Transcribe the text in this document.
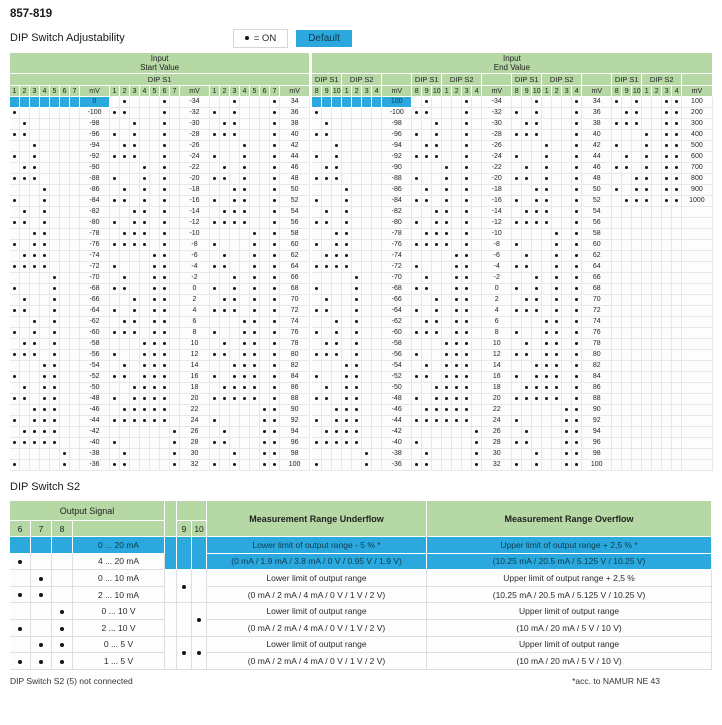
857-819
DIP Switch Adjustability	= ON	Default
Input
Start Value																									Input
End Value																															
DIP S1																									DIP S1			DIP S2					DIP S1			DIP S2					DIP S1			DIP S2					DIP S1			DIP S2				
1	2	3	4	5	6	7	mV	1	2	3	4	5	6	7	mV	1	2	3	4	5	6	7	mV		8	9	10	1	2	3	4	mV	8	9	10	1	2	3	4	mV	8	9	10	1	2	3	4	mV	8	9	10	1	2	3	4	mV
							0								-34								34									100								-34								34								100
							-100								-32								36									-100								-32								36								200
							-98								-30								38									-98								-30								38								300
							-96								-28								40									-96								-28								40								400
							-94								-26								42									-94								-26								42								500
							-92								-24								44									-92								-24								44								600
							-90								-22								46									-90								-22								46								700
							-88								-20								48									-88								-20								48								800
							-86								-18								50									-86								-18								50								900
							-84								-16								52									-84								-16								52								1000
							-82								-14								54									-82								-14								54								
							-80								-12								56									-80								-12								56								
							-78								-10								58									-78								-10								58								
							-76								-8								60									-76								-8								60								
							-74								-6								62									-74								-6								62								
							-72								-4								64									-72								-4								64								
							-70								-2								66									-70								-2								66								
							-68								0								68									-68								0								68								
							-66								2								70									-66								2								70								
							-64								4								72									-64								4								72								
							-62								6								74									-62								6								74								
							-60								8								76									-60								8								76								
							-58								10								78									-58								10								78								
							-56								12								80									-56								12								80								
							-54								14								82									-54								14								82								
							-52								16								84									-52								16								84								
							-50								18								86									-50								18								86								
							-48								20								88									-48								20								88								
							-46								22								90									-46								22								90								
							-44								24								92									-44								24								92								
							-42								26								94									-42								26								94								
							-40								28								96									-40								28								96								
							-38								30								98									-38								30								98								
							-36								32								100									-36								32								100								
DIP Switch S2
Output Signal							Measurement Range Underflow	Measurement Range Overflow
6	7	8			9	10		
			0 ... 20 mA				Lower limit of output range - 5 % *	Upper limit of output range + 2,5 % *
			4 ... 20 mA				(0 mA / 1.9 mA / 3.8 mA / 0 V / 0.95 V / 1.9 V)	(10.25 mA / 20.5 mA / 5.125 V / 10.25 V)
			0 ... 10 mA				Lower limit of output range	Upper limit of output range + 2,5 %
			2 ... 10 mA				(0 mA / 2 mA / 4 mA / 0 V / 1 V / 2 V)	(10.25 mA / 20.5 mA / 5.125 V / 10.25 V)
			0 ... 10 V				Lower limit of output range	Upper limit of output range
			2 ... 10 V				(0 mA / 2 mA / 4 mA / 0 V / 1 V / 2 V)	(10 mA / 20 mA / 5 V / 10 V)
			0 ... 5 V				Lower limit of output range	Upper limit of output range
			1 ... 5 V				(0 mA / 2 mA / 4 mA / 0 V / 1 V / 2 V)	(10 mA / 20 mA / 5 V / 10 V)
DIP Switch S2 (5) not connected	*acc. to NAMUR NE 43
